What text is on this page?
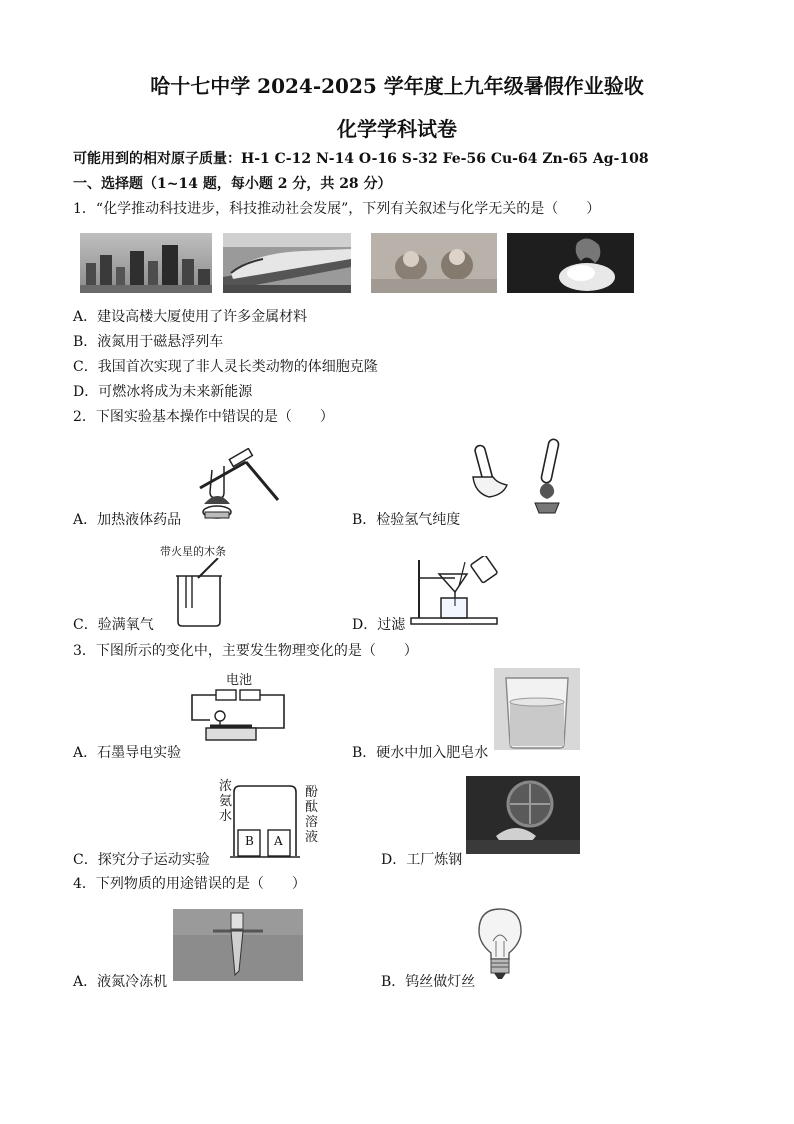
哈十七中学 2024-2025 学年度上九年级暑假作业验收
化学学科试卷
可能用到的相对原子质量：H-1 C-12 N-14 O-16 S-32 Fe-56 Cu-64 Zn-65 Ag-108
一、选择题（1~14 题，每小题 2 分，共 28 分）
1．“化学推动科技进步，科技推动社会发展”，下列有关叙述与化学无关的是（　　）
A．建设高楼大厦使用了许多金属材料
B．液氮用于磁悬浮列车
C．我国首次实现了非人灵长类动物的体细胞克隆
D．可燃冰将成为未来新能源
2．下图实验基本操作中错误的是（　　）
A．加热液体药品	B．检验氢气纯度
带火星的木条
C．验满氧气	D．过滤
3．下图所示的变化中，主要发生物理变化的是（　　）
电池
A．石墨导电实验	B．硬水中加入肥皂水
浓
氨
水
酚
酞
溶
液
B A
C．探究分子运动实验	D．工厂炼钢
4．下列物质的用途错误的是（　　）
A．液氮冷冻机	B．钨丝做灯丝
